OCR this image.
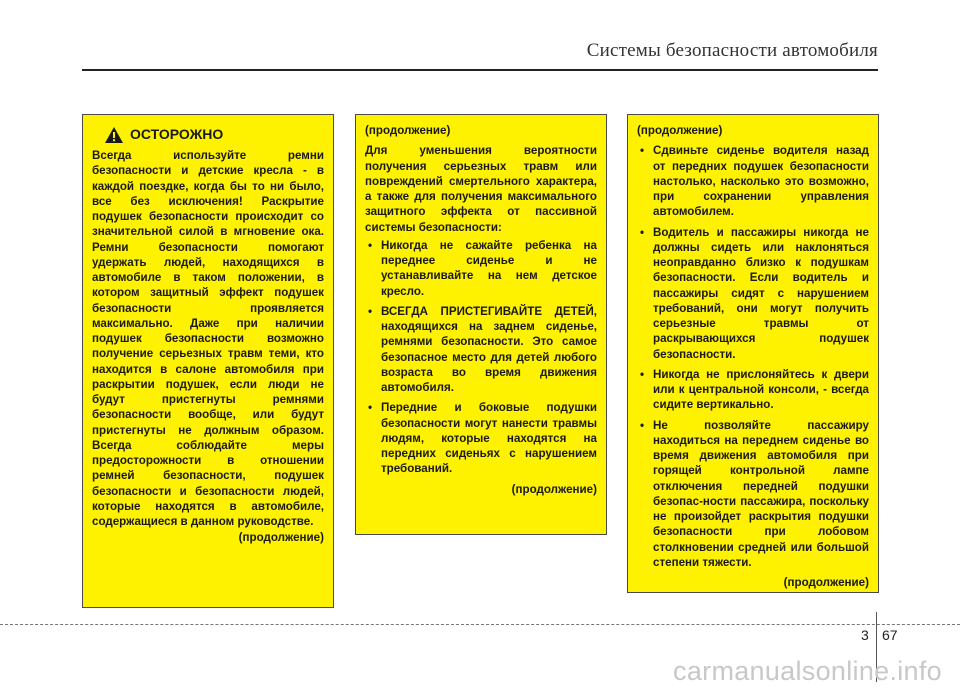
Системы безопасности автомобиля
ОСТОРОЖНО

Всегда используйте ремни безопасности и детские кресла - в каждой поездке, когда бы то ни было, все без исключения! Раскрытие подушек безопасности происходит со значительной силой в мгновение ока. Ремни безопасности помогают удержать людей, находящихся в автомобиле в таком положении, в котором защитный эффект подушек безопасности проявляется максимально. Даже при наличии подушек безопасности возможно получение серьезных травм теми, кто находится в салоне автомобиля при раскрытии подушек, если люди не будут пристегнуты ремнями безопасности вообще, или будут пристегнуты не должным образом. Всегда соблюдайте меры предосторожности в отношении ремней безопасности, подушек безопасности и безопасности людей, которые находятся в автомобиле, содержащиеся в данном руководстве.

(продолжение)
(продолжение)

Для уменьшения вероятности получения серьезных травм или повреждений смертельного характера, а также для получения максимального защитного эффекта от пассивной системы безопасности:

• Никогда не сажайте ребенка на переднее сиденье и не устанавливайте на нем детское кресло.
• ВСЕГДА ПРИСТЕГИВАЙТЕ ДЕТЕЙ, находящихся на заднем сиденье, ремнями безопасности. Это самое безопасное место для детей любого возраста во время движения автомобиля.
• Передние и боковые подушки безопасности могут нанести травмы людям, которые находятся на передних сиденьях с нарушением требований.
(продолжение)
(продолжение)
• Сдвиньте сиденье водителя назад от передних подушек безопасности настолько, насколько это возможно, при сохранении управления автомобилем.
• Водитель и пассажиры никогда не должны сидеть или наклоняться неоправданно близко к подушкам безопасности. Если водитель и пассажиры сидят с нарушением требований, они могут получить серьезные травмы от раскрывающихся подушек безопасности.
• Никогда не прислоняйтесь к двери или к центральной консоли, - всегда сидите вертикально.
• Не позволяйте пассажиру находиться на переднем сиденье во время движения автомобиля при горящей контрольной лампе отключения передней подушки безопас-ности пассажира, поскольку не произойдет раскрытия подушки безопасности при лобовом столкновении средней или большой степени тяжести.
(продолжение)
3 67
carmanualsonline.info
